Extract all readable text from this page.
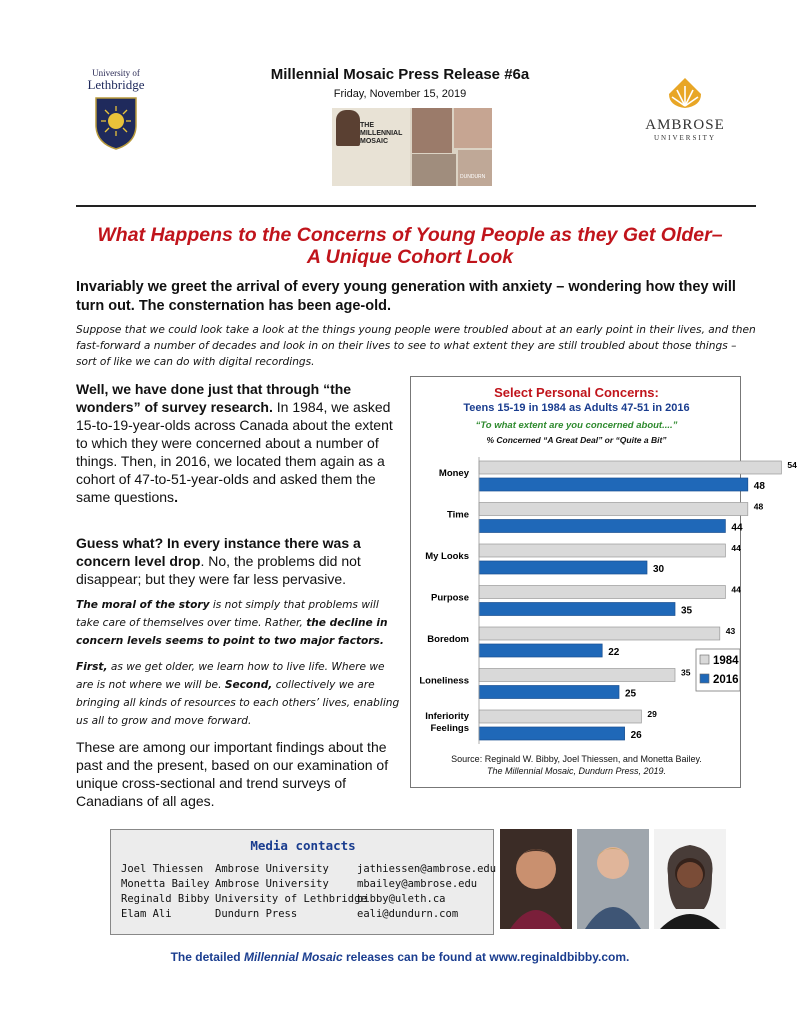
University of
Lethbridge
Millennial Mosaic Press Release #6a
Friday, November 15, 2019
THE MILLENNIAL MOSAIC
DUNDURN
AMBROSE
UNIVERSITY
What Happens to the Concerns of Young People as they Get Older–
A Unique Cohort Look
Invariably we greet the arrival of every young generation with anxiety – wondering how they will turn out. The consternation has been age-old.
Suppose that we could look take a look at the things young people were troubled about at an early point in their lives, and then fast-forward a number of decades and look in on their lives to see to what extent they are still troubled about those things – sort of like we can do with digital recordings.
Well, we have done just that through “the wonders” of survey research. In 1984, we asked 15-to-19-year-olds across Canada about the extent to which they were concerned about a number of things. Then, in 2016, we located them again as a cohort of 47-to-51-year-olds and asked them the same questions.
Guess what? In every instance there was a concern level drop. No, the problems did not disappear; but they were far less pervasive.
The moral of the story is not simply that problems will take care of themselves over time. Rather, the decline in concern levels seems to point to two major factors.
First, as we get older, we learn how to live life. Where we are is not where we will be. Second, collectively we are bringing all kinds of resources to each others’ lives, enabling us all to grow and move forward.
These are among our important findings about the past and the present, based on our examination of unique cross-sectional and trend surveys of Canadians of all ages.
Select Personal Concerns:
Teens 15-19 in 1984 as Adults 47-51 in 2016
“To what extent are you concerned about....”
% Concerned “A Great Deal” or “Quite a Bit”
Money
54
48
Time
48
44
My Looks
44
30
Purpose
44
35
Boredom
43
22
Loneliness
35
25
Inferiority
Feelings
29
26
1984
2016
Source: Reginald W. Bibby, Joel Thiessen, and Monetta Bailey.
The Millennial Mosaic, Dundurn Press, 2019.
Media contacts
Joel Thiessen
Monetta Bailey
Reginald Bibby
Elam Ali
Ambrose University
Ambrose University
University of Lethbridge
Dundurn Press
jathiessen@ambrose.edu
mbailey@ambrose.edu
bibby@uleth.ca
eali@dundurn.com
The detailed Millennial Mosaic releases can be found at www.reginaldbibby.com.
